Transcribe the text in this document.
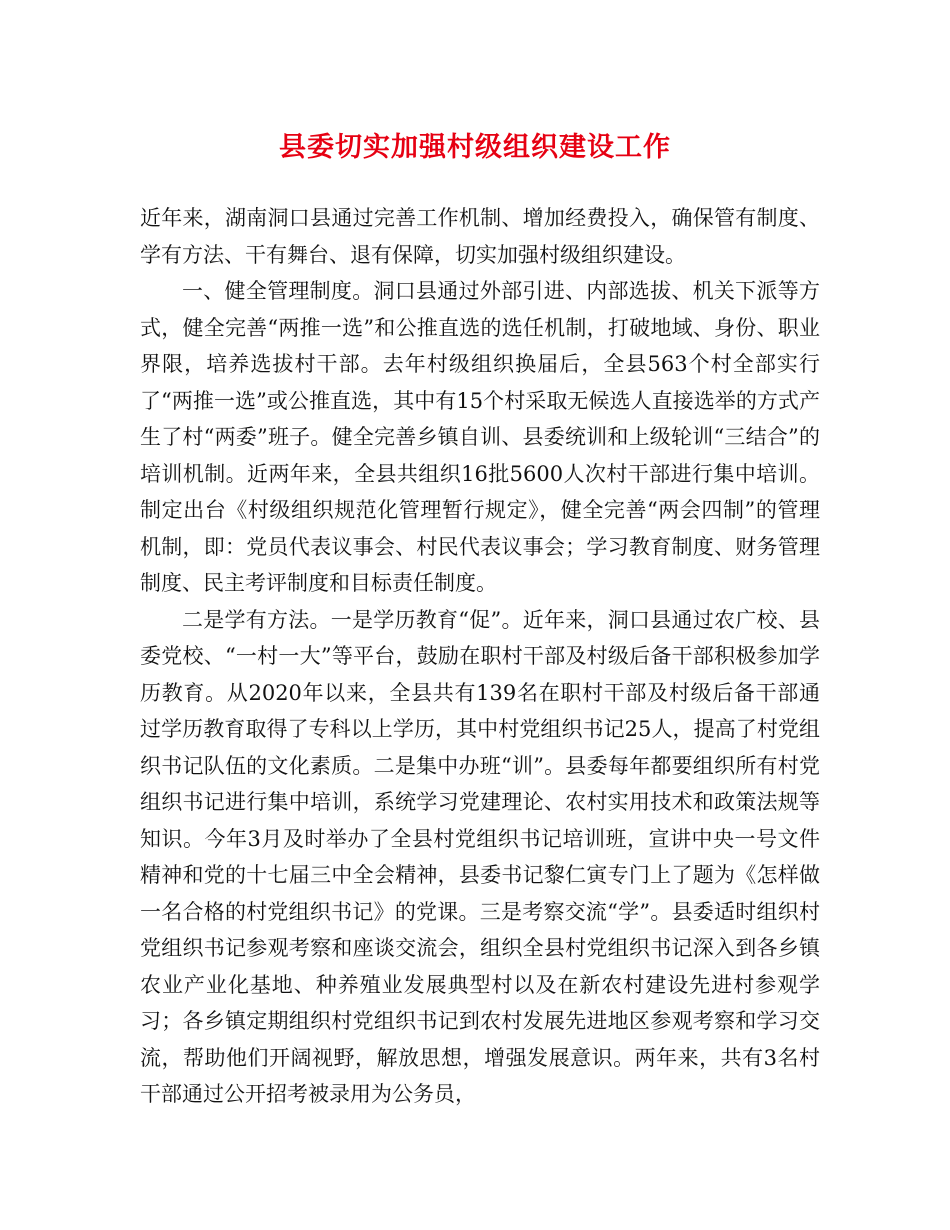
县委切实加强村级组织建设工作

近年来，湖南洞口县通过完善工作机制、增加经费投入，确保管有制度、学有方法、干有舞台、退有保障，切实加强村级组织建设。

一、健全管理制度。洞口县通过外部引进、内部选拔、机关下派等方式，健全完善“两推一选”和公推直选的选任机制，打破地域、身份、职业界限，培养选拔村干部。去年村级组织换届后，全县563个村全部实行了“两推一选”或公推直选，其中有15个村采取无候选人直接选举的方式产生了村“两委”班子。健全完善乡镇自训、县委统训和上级轮训“三结合”的培训机制。近两年来，全县共组织16批5600人次村干部进行集中培训。制定出台《村级组织规范化管理暂行规定》，健全完善“两会四制”的管理机制，即：党员代表议事会、村民代表议事会；学习教育制度、财务管理制度、民主考评制度和目标责任制度。

二是学有方法。一是学历教育“促”。近年来，洞口县通过农广校、县委党校、“一村一大”等平台，鼓励在职村干部及村级后备干部积极参加学历教育。从2020年以来，全县共有139名在职村干部及村级后备干部通过学历教育取得了专科以上学历，其中村党组织书记25人，提高了村党组织书记队伍的文化素质。二是集中办班“训”。县委每年都要组织所有村党组织书记进行集中培训，系统学习党建理论、农村实用技术和政策法规等知识。今年3月及时举办了全县村党组织书记培训班，宣讲中央一号文件精神和党的十七届三中全会精神，县委书记黎仁寅专门上了题为《怎样做一名合格的村党组织书记》的党课。三是考察交流“学”。县委适时组织村党组织书记参观考察和座谈交流会，组织全县村党组织书记深入到各乡镇农业产业化基地、种养殖业发展典型村以及在新农村建设先进村参观学习；各乡镇定期组织村党组织书记到农村发展先进地区参观考察和学习交流，帮助他们开阔视野，解放思想，增强发展意识。两年来，共有3名村干部通过公开招考被录用为公务员，
